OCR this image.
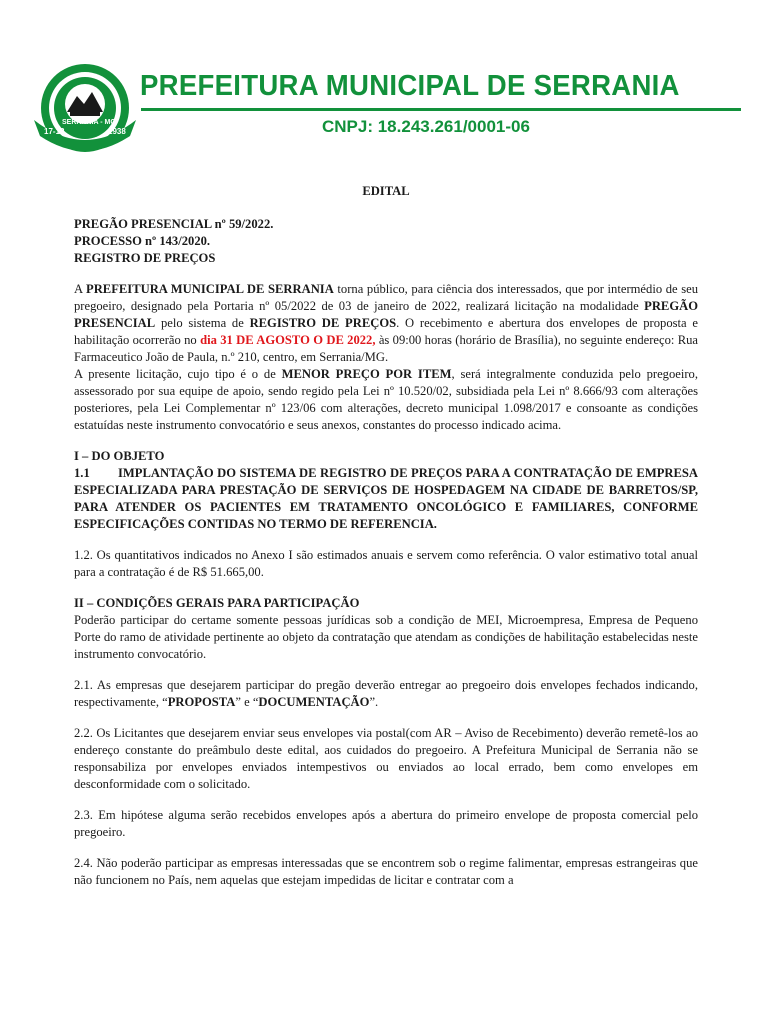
17-12	1938
SERRANIA - MG
PREFEITURA MUNICIPAL DE SERRANIA
CNPJ: 18.243.261/0001-06
EDITAL
PREGÃO PRESENCIAL nº 59/2022.
PROCESSO nº 143/2020.
REGISTRO DE PREÇOS

A PREFEITURA MUNICIPAL DE SERRANIA torna público, para ciência dos interessados, que por intermédio de seu pregoeiro, designado pela Portaria nº 05/2022 de 03 de janeiro de 2022, realizará licitação na modalidade PREGÃO PRESENCIAL pelo sistema de REGISTRO DE PREÇOS. O recebimento e abertura dos envelopes de proposta e habilitação ocorrerão no dia 31 DE AGOSTO O DE 2022, às 09:00 horas (horário de Brasília), no seguinte endereço: Rua Farmaceutico João de Paula, n.º 210, centro, em Serrania/MG.

A presente licitação, cujo tipo é o de MENOR PREÇO POR ITEM, será integralmente conduzida pelo pregoeiro, assessorado por sua equipe de apoio, sendo regido pela Lei nº 10.520/02, subsidiada pela Lei nº 8.666/93 com alterações posteriores, pela Lei Complementar nº 123/06 com alterações, decreto municipal 1.098/2017 e consoante as condições estatuídas neste instrumento convocatório e seus anexos, constantes do processo indicado acima.

I – DO OBJETO
1.1 IMPLANTAÇÃO DO SISTEMA DE REGISTRO DE PREÇOS PARA A CONTRATAÇÃO DE EMPRESA ESPECIALIZADA PARA PRESTAÇÃO DE SERVIÇOS DE HOSPEDAGEM NA CIDADE DE BARRETOS/SP, PARA ATENDER OS PACIENTES EM TRATAMENTO ONCOLÓGICO E FAMILIARES, CONFORME ESPECIFICAÇÕES CONTIDAS NO TERMO DE REFERENCIA.

1.2. Os quantitativos indicados no Anexo I são estimados anuais e servem como referência. O valor estimativo total anual para a contratação é de R$ 51.665,00.

II – CONDIÇÕES GERAIS PARA PARTICIPAÇÃO

Poderão participar do certame somente pessoas jurídicas sob a condição de MEI, Microempresa, Empresa de Pequeno Porte do ramo de atividade pertinente ao objeto da contratação que atendam as condições de habilitação estabelecidas neste instrumento convocatório.

2.1. As empresas que desejarem participar do pregão deverão entregar ao pregoeiro dois envelopes fechados indicando, respectivamente, “PROPOSTA” e “DOCUMENTAÇÃO”.

2.2. Os Licitantes que desejarem enviar seus envelopes via postal(com AR – Aviso de Recebimento) deverão remetê-los ao endereço constante do preâmbulo deste edital, aos cuidados do pregoeiro. A Prefeitura Municipal de Serrania não se responsabiliza por envelopes enviados intempestivos ou enviados ao local errado, bem como envelopes em desconformidade com o solicitado.

2.3. Em hipótese alguma serão recebidos envelopes após a abertura do primeiro envelope de proposta comercial pelo pregoeiro.

2.4. Não poderão participar as empresas interessadas que se encontrem sob o regime falimentar, empresas estrangeiras que não funcionem no País, nem aquelas que estejam impedidas de licitar e contratar com a
